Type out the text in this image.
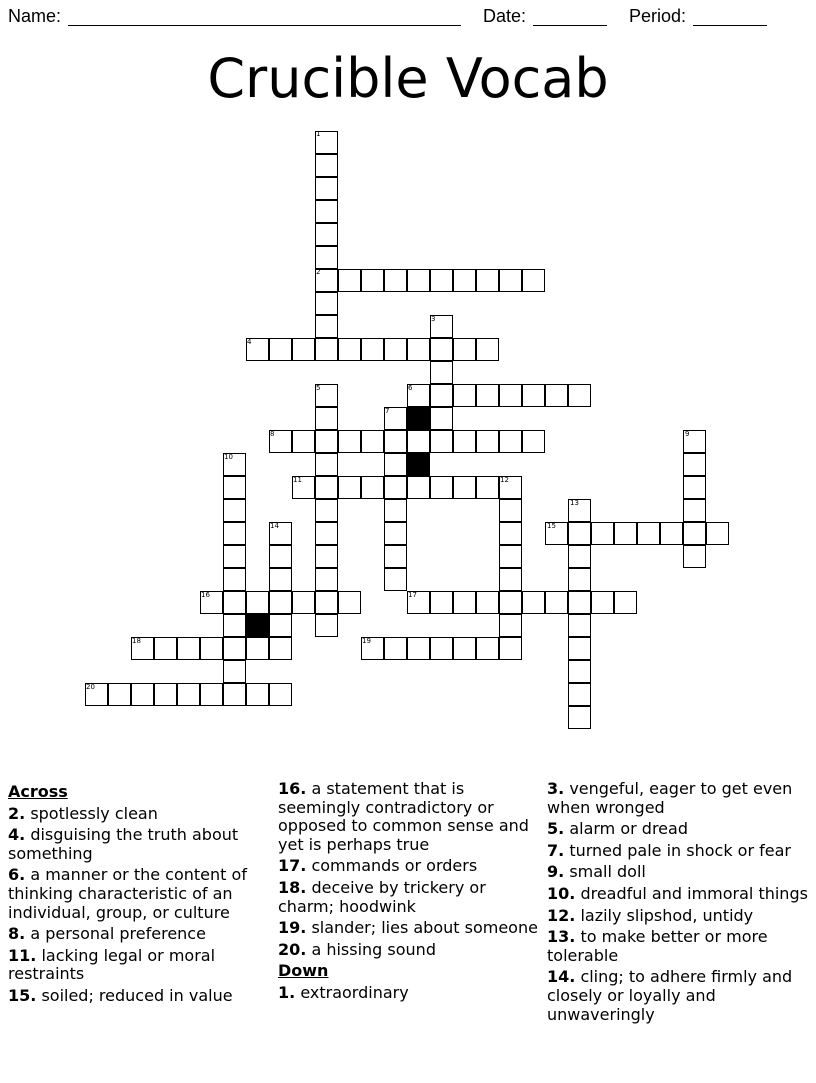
Name:	Date:	Period:
Crucible Vocab
1
2
3
4
5	6
7
8	9
10
11	12
13
14	15
16	17
18	19
20
Across
2. spotlessly clean
4. disguising the truth about something
6. a manner or the content of thinking characteristic of an individual, group, or culture
8. a personal preference
11. lacking legal or moral restraints
15. soiled; reduced in value
16. a statement that is seemingly contradictory or opposed to common sense and yet is perhaps true
17. commands or orders
18. deceive by trickery or charm; hoodwink
19. slander; lies about someone
20. a hissing sound
Down
1. extraordinary
3. vengeful, eager to get even when wronged
5. alarm or dread
7. turned pale in shock or fear
9. small doll
10. dreadful and immoral things
12. lazily slipshod, untidy
13. to make better or more tolerable
14. cling; to adhere firmly and closely or loyally and unwaveringly
